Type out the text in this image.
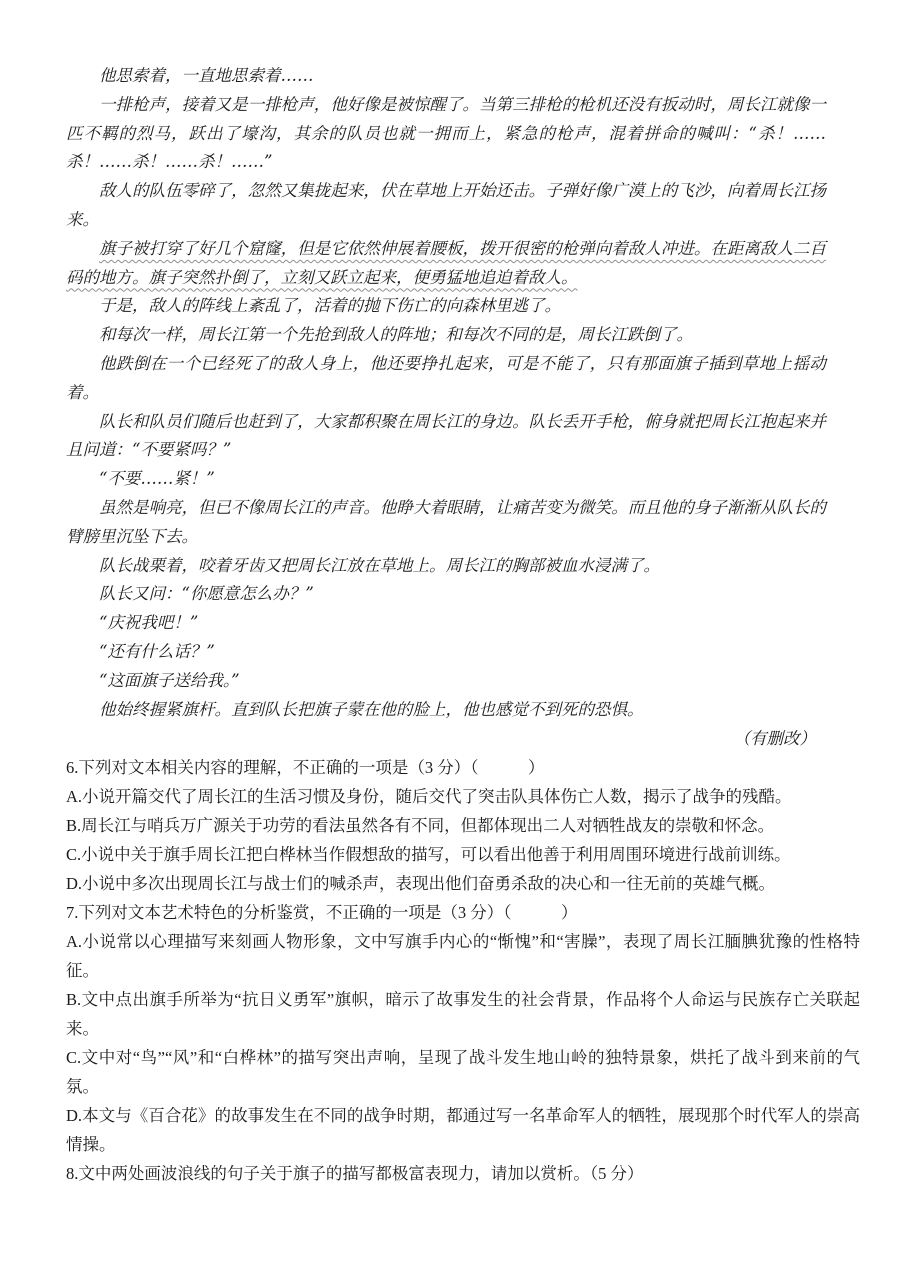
他思索着，一直地思索着……

一排枪声，接着又是一排枪声，他好像是被惊醒了。当第三排枪的枪机还没有扳动时，周长江就像一匹不羁的烈马，跃出了壕沟，其余的队员也就一拥而上，紧急的枪声，混着拼命的喊叫：“杀！……杀！……杀！……杀！……”

敌人的队伍零碎了，忽然又集拢起来，伏在草地上开始还击。子弹好像广漠上的飞沙，向着周长江扬来。

旗子被打穿了好几个窟窿，但是它依然伸展着腰板，拨开很密的枪弹向着敌人冲进。在距离敌人二百码的地方。旗子突然扑倒了，立刻又跃立起来，便勇猛地追迫着敌人。

于是，敌人的阵线上紊乱了，活着的抛下伤亡的向森林里逃了。

和每次一样，周长江第一个先抢到敌人的阵地；和每次不同的是，周长江跌倒了。

他跌倒在一个已经死了的敌人身上，他还要挣扎起来，可是不能了，只有那面旗子插到草地上摇动着。

队长和队员们随后也赶到了，大家都积聚在周长江的身边。队长丢开手枪，俯身就把周长江抱起来并且问道：“不要紧吗？”

“不要……紧！”

虽然是响亮，但已不像周长江的声音。他睁大着眼睛，让痛苦变为微笑。而且他的身子渐渐从队长的臂膀里沉坠下去。

队长战栗着，咬着牙齿又把周长江放在草地上。周长江的胸部被血水浸满了。

队长又问：“你愿意怎么办？”

“庆祝我吧！”

“还有什么话？”

“这面旗子送给我。”

他始终握紧旗杆。直到队长把旗子蒙在他的脸上，他也感觉不到死的恐惧。

（有删改）
6.下列对文本相关内容的理解，不正确的一项是（3 分）（　　　）
A.小说开篇交代了周长江的生活习惯及身份，随后交代了突击队具体伤亡人数，揭示了战争的残酷。
B.周长江与哨兵万广源关于功劳的看法虽然各有不同，但都体现出二人对牺牲战友的崇敬和怀念。
C.小说中关于旗手周长江把白桦林当作假想敌的描写，可以看出他善于利用周围环境进行战前训练。
D.小说中多次出现周长江与战士们的喊杀声，表现出他们奋勇杀敌的决心和一往无前的英雄气概。
7.下列对文本艺术特色的分析鉴赏，不正确的一项是（3 分）（　　　）
A.小说常以心理描写来刻画人物形象，文中写旗手内心的“惭愧”和“害臊”，表现了周长江腼腆犹豫的性格特征。
B.文中点出旗手所举为“抗日义勇军”旗帜，暗示了故事发生的社会背景，作品将个人命运与民族存亡关联起来。
C.文中对“鸟”“风”和“白桦林”的描写突出声响，呈现了战斗发生地山岭的独特景象，烘托了战斗到来前的气氛。
D.本文与《百合花》的故事发生在不同的战争时期，都通过写一名革命军人的牺牲，展现那个时代军人的崇高情操。
8.文中两处画波浪线的句子关于旗子的描写都极富表现力，请加以赏析。（5 分）
